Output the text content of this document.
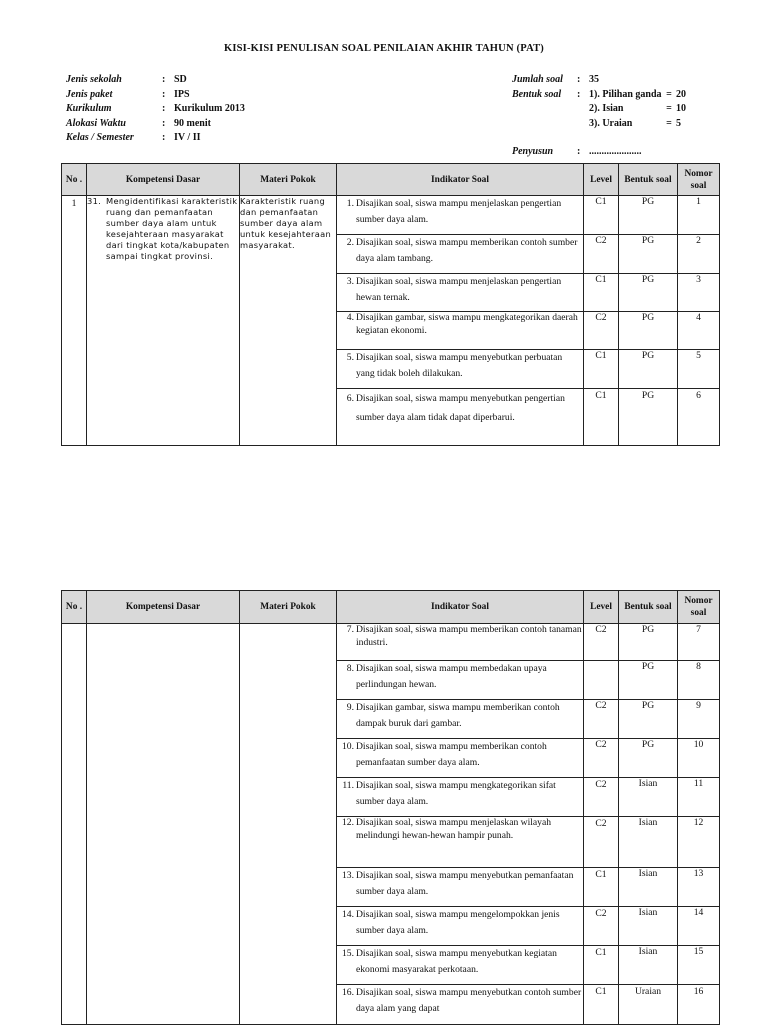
KISI-KISI PENULISAN SOAL PENILAIAN AKHIR TAHUN (PAT)
Jenis sekolah	: SD
Jenis paket	: IPS
Kurikulum	: Kurikulum 2013
Alokasi Waktu	: 90 menit
Kelas / Semester	: IV / II
Jumlah soal	: 35
Bentuk soal	: 1). Pilihan ganda = 20
2). Isian	= 10
3). Uraian	= 5
Penyusun	: .....................
No .	Kompetensi Dasar	Materi Pokok	Indikator Soal	Level	Bentuk soal	Nomor soal
1	31. Mengidentifikasi karakteristik ruang dan pemanfaatan sumber daya alam untuk kesejahteraan masyarakat dari tingkat kota/kabupaten sampai tingkat provinsi.	Karakteristik ruang dan pemanfaatan sumber daya alam untuk kesejahteraan masyarakat.	1. Disajikan soal, siswa mampu menjelaskan pengertian sumber daya alam.	C1	PG	1

			2. Disajikan soal, siswa mampu memberikan contoh sumber daya alam tambang.	C2	PG	2

			3. Disajikan soal, siswa mampu menjelaskan pengertian hewan ternak.	C1	PG	3

			4. Disajikan gambar, siswa mampu mengkategorikan daerah kegiatan ekonomi.	C2	PG	4

			5. Disajikan soal, siswa mampu menyebutkan perbuatan yang tidak boleh dilakukan.	C1	PG	5

			6. Disajikan soal, siswa mampu menyebutkan pengertian sumber daya alam tidak dapat diperbarui.	C1	PG	6
No .	Kompetensi Dasar	Materi Pokok	Indikator Soal	Level	Bentuk soal	Nomor soal

			7. Disajikan soal, siswa mampu memberikan contoh tanaman industri.	C2	PG	7

			8. Disajikan soal, siswa mampu membedakan upaya perlindungan hewan.		PG	8

			9. Disajikan gambar, siswa mampu memberikan contoh dampak buruk dari gambar.	C2	PG	9

			10. Disajikan soal, siswa mampu memberikan contoh pemanfaatan sumber daya alam.	C2	PG	10

			11. Disajikan soal, siswa mampu mengkategorikan sifat sumber daya alam.	C2	Isian	11

			12. Disajikan soal, siswa mampu menjelaskan wilayah melindungi hewan-hewan hampir punah.	C2	Isian	12

			13. Disajikan soal, siswa mampu menyebutkan pemanfaatan sumber daya alam.	C1	Isian	13

			14. Disajikan soal, siswa mampu mengelompokkan jenis sumber daya alam.	C2	Isian	14

			15. Disajikan soal, siswa mampu menyebutkan kegiatan ekonomi masyarakat perkotaan.	C1	Isian	15

			16. Disajikan soal, siswa mampu menyebutkan contoh sumber daya alam yang dapat	C1	Uraian	16
